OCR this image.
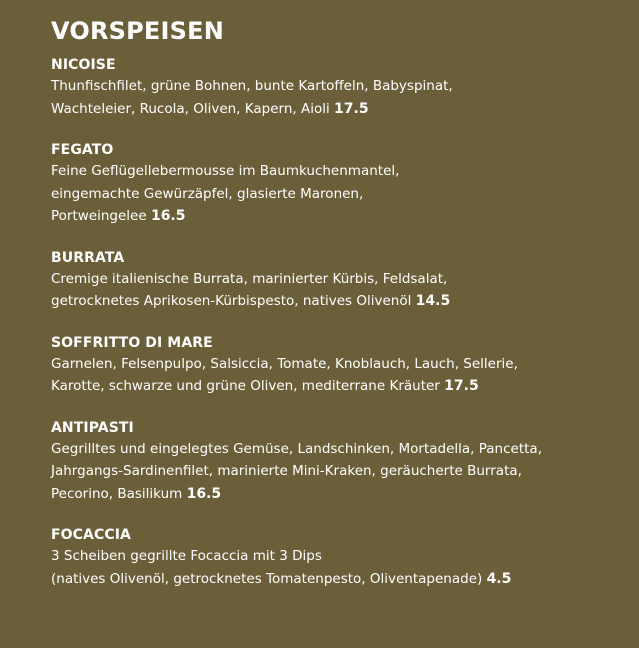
VORSPEISEN

NICOISE

Thunfischfilet, grüne Bohnen, bunte Kartoffeln, Babyspinat,
Wachteleier, Rucola, Oliven, Kapern, Aioli 17.5

FEGATO

Feine Geflügellebermousse im Baumkuchenmantel,
eingemachte Gewürzäpfel, glasierte Maronen,
Portweingelee 16.5

BURRATA

Cremige italienische Burrata, marinierter Kürbis, Feldsalat,
getrocknetes Aprikosen-Kürbispesto, natives Olivenöl 14.5

SOFFRITTO DI MARE

Garnelen, Felsenpulpo, Salsiccia, Tomate, Knoblauch, Lauch, Sellerie,
Karotte, schwarze und grüne Oliven, mediterrane Kräuter 17.5

ANTIPASTI

Gegrilltes und eingelegtes Gemüse, Landschinken, Mortadella, Pancetta,
Jahrgangs-Sardinenfilet, marinierte Mini-Kraken, geräucherte Burrata,
Pecorino, Basilikum 16.5

FOCACCIA

3 Scheiben gegrillte Focaccia mit 3 Dips
(natives Olivenöl, getrocknetes Tomatenpesto, Oliventapenade) 4.5
